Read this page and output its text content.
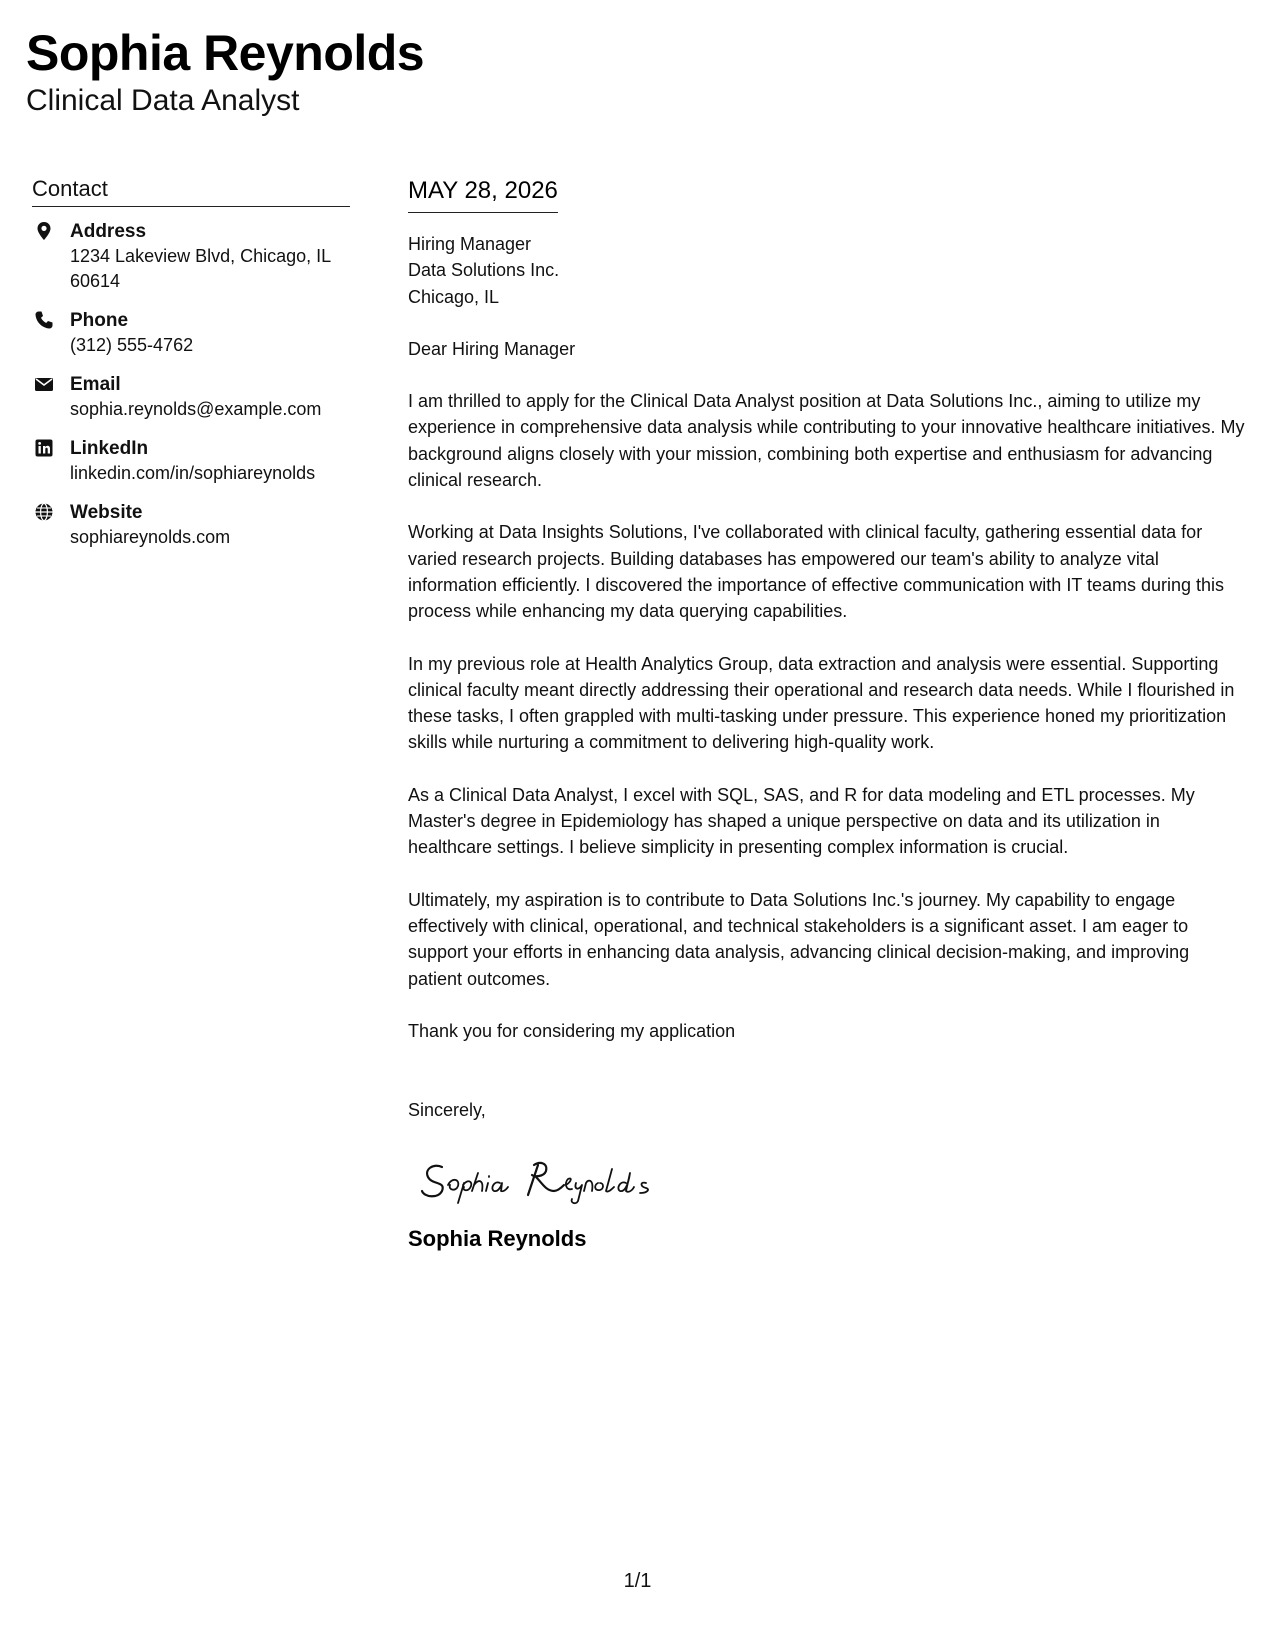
Sophia Reynolds
Clinical Data Analyst
Contact
Address
1234 Lakeview Blvd, Chicago, IL 60614
Phone
(312) 555-4762
Email
sophia.reynolds@example.com
LinkedIn
linkedin.com/in/sophiareynolds
Website
sophiareynolds.com
MAY 28, 2026
Hiring Manager
Data Solutions Inc.
Chicago, IL
Dear Hiring Manager

I am thrilled to apply for the Clinical Data Analyst position at Data Solutions Inc., aiming to utilize my experience in comprehensive data analysis while contributing to your innovative healthcare initiatives. My background aligns closely with your mission, combining both expertise and enthusiasm for advancing clinical research.

Working at Data Insights Solutions, I've collaborated with clinical faculty, gathering essential data for varied research projects. Building databases has empowered our team's ability to analyze vital information efficiently. I discovered the importance of effective communication with IT teams during this process while enhancing my data querying capabilities.

In my previous role at Health Analytics Group, data extraction and analysis were essential. Supporting clinical faculty meant directly addressing their operational and research data needs. While I flourished in these tasks, I often grappled with multi-tasking under pressure. This experience honed my prioritization skills while nurturing a commitment to delivering high-quality work.

As a Clinical Data Analyst, I excel with SQL, SAS, and R for data modeling and ETL processes. My Master's degree in Epidemiology has shaped a unique perspective on data and its utilization in healthcare settings. I believe simplicity in presenting complex information is crucial.

Ultimately, my aspiration is to contribute to Data Solutions Inc.'s journey. My capability to engage effectively with clinical, operational, and technical stakeholders is a significant asset. I am eager to support your efforts in enhancing data analysis, advancing clinical decision-making, and improving patient outcomes.

Thank you for considering my application

Sincerely,
Sophia Reynolds
1/1
